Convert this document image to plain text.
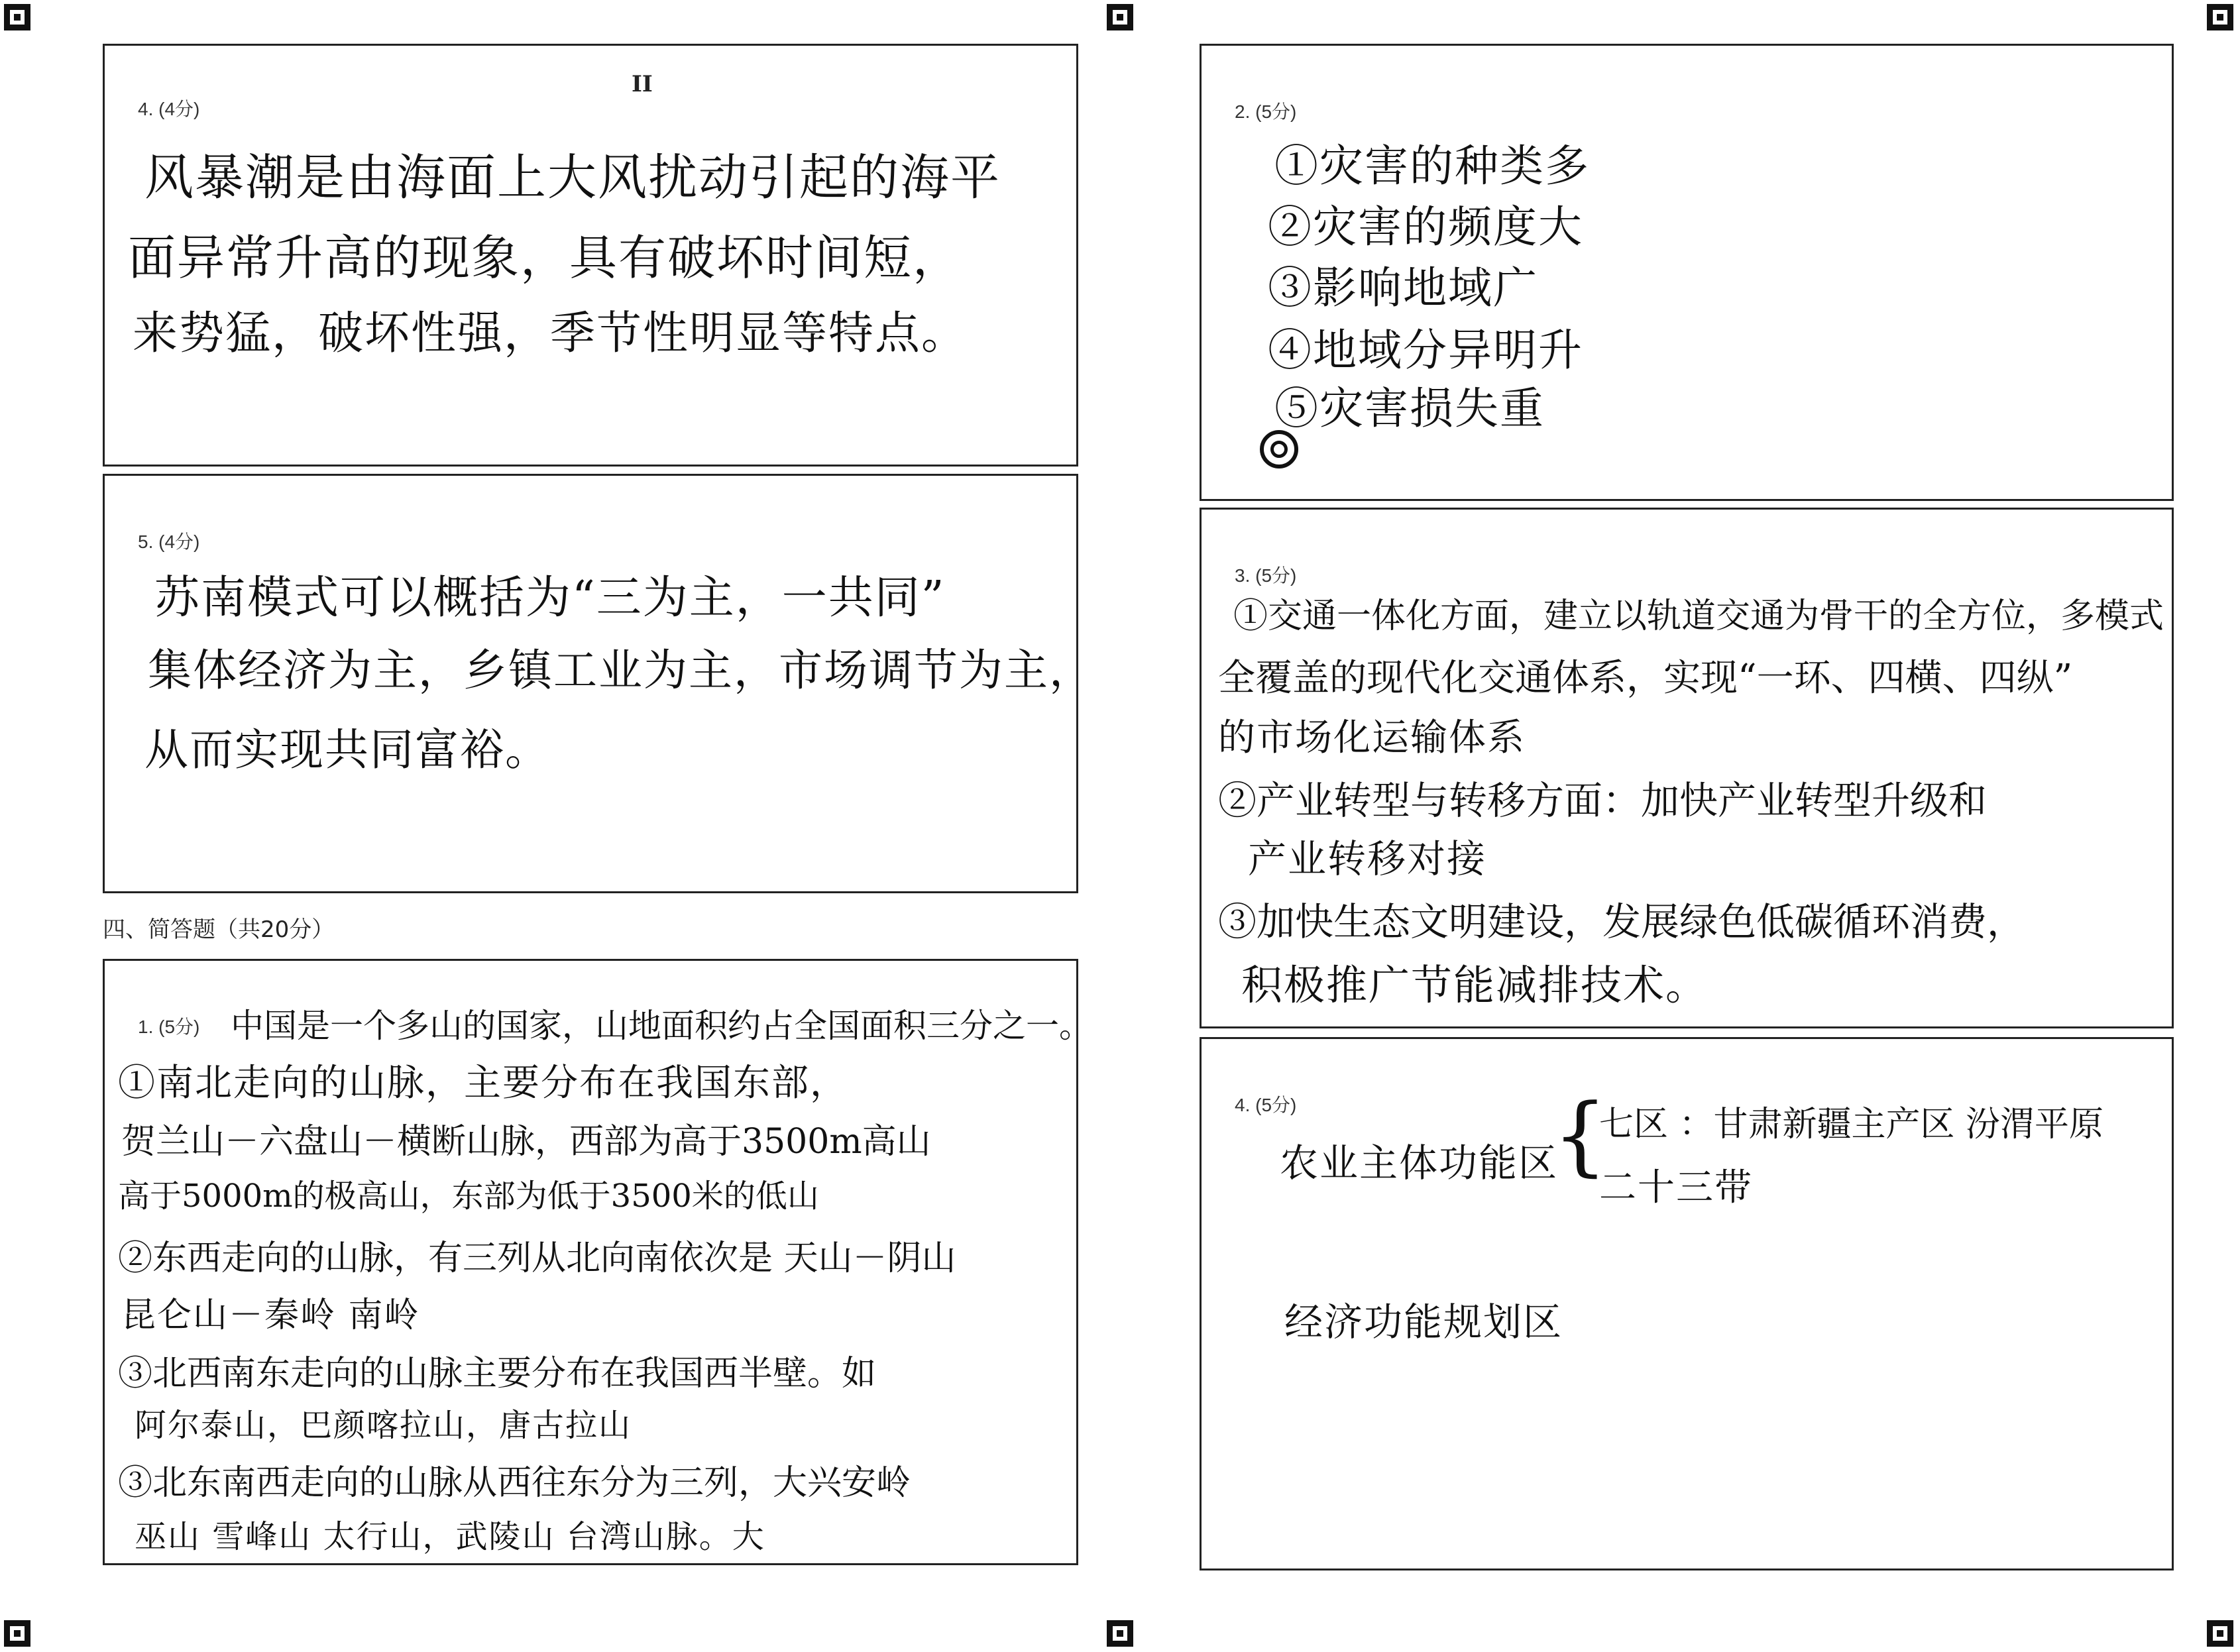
4. (4分)
II
风暴潮是由海面上大风扰动引起的海平
面异常升高的现象，具有破坏时间短，
来势猛，破坏性强，季节性明显等特点。
5. (4分)
苏南模式可以概括为“三为主，一共同”
集体经济为主，乡镇工业为主，市场调节为主，
从而实现共同富裕。
四、简答题（共20分）
1. (5分) 中国是一个多山的国家，山地面积约占全国面积三分之一。
①南北走向的山脉，主要分布在我国东部，
贺兰山－六盘山－横断山脉，西部为高于3500m高山
高于5000m的极高山，东部为低于3500米的低山
②东西走向的山脉，有三列从北向南依次是 天山－阴山
昆仑山－秦岭 南岭
③北西南东走向的山脉主要分布在我国西半壁。如
阿尔泰山，巴颜喀拉山，唐古拉山
③北东南西走向的山脉从西往东分为三列，大兴安岭
巫山 雪峰山 太行山，武陵山 台湾山脉。大
2. (5分)
①灾害的种类多
②灾害的频度大
③影响地域广
④地域分异明升
⑤灾害损失重
3. (5分)
①交通一体化方面，建立以轨道交通为骨干的全方位，多模式
全覆盖的现代化交通体系，实现“一环、四横、四纵”
的市场化运输体系
②产业转型与转移方面：加快产业转型升级和
产业转移对接
③加快生态文明建设，发展绿色低碳循环消费，
积极推广节能减排技术。
4. (5分)
农业主体功能区
{
七区 ：甘肃新疆主产区 汾渭平原
二十三带
经济功能规划区
